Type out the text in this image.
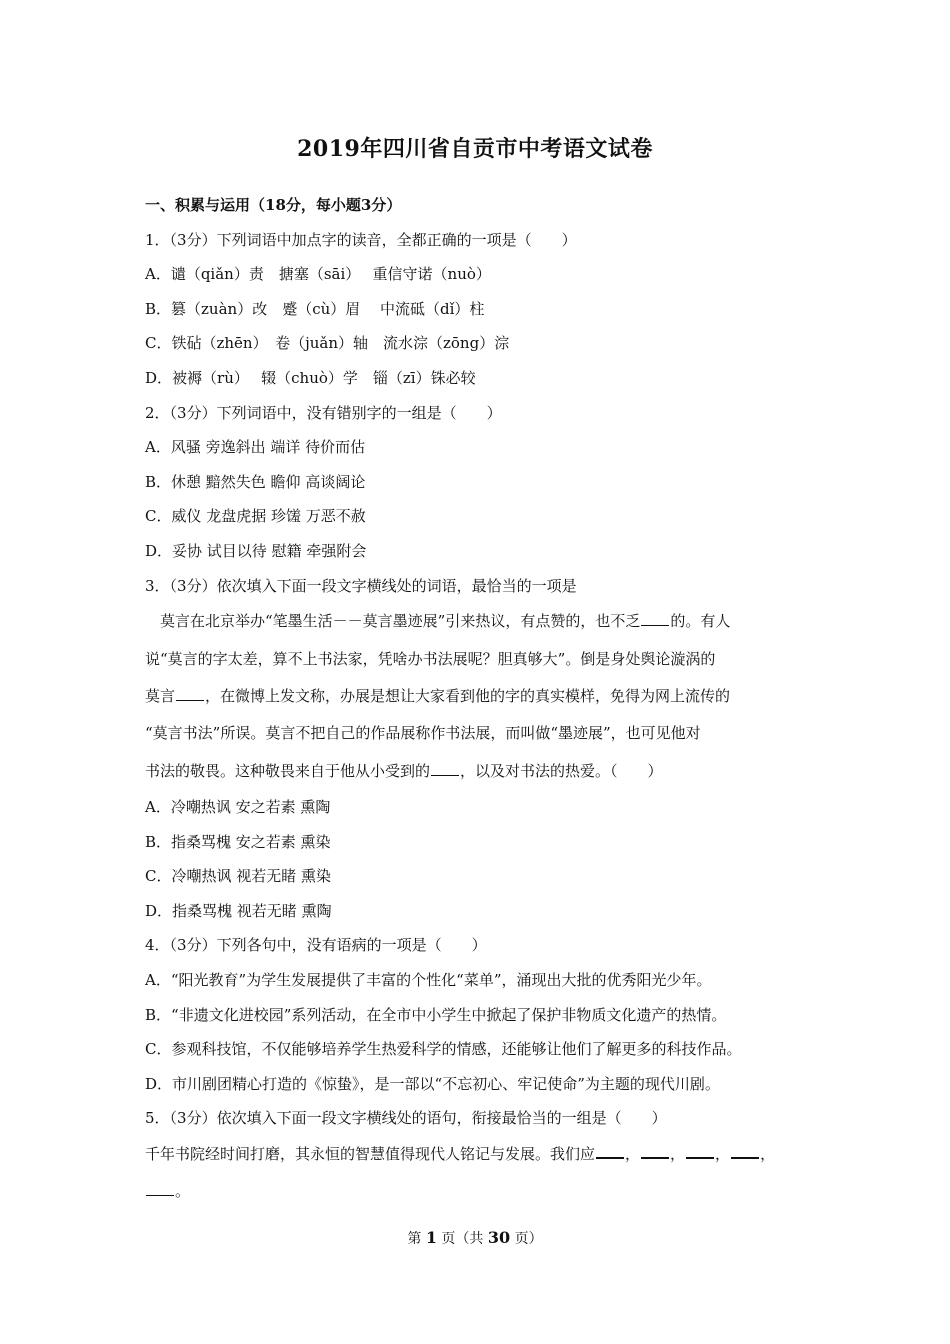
2019年四川省自贡市中考语文试卷
一、积累与运用（18分，每小题3分）
1．（3分）下列词语中加点字的读音，全都正确的一项是（　　）
A．谴（qiǎn）责　搪塞（sāi）　 重信守诺（nuò）
B．篡（zuàn）改　蹙（cù）眉　 中流砥（dǐ）柱
C．铁砧（zhēn）　卷（juǎn）轴　流水淙（zōng）淙
D．被褥（rù）　 辍（chuò）学　锱（zī）铢必较
2．（3分）下列词语中，没有错别字的一组是（　　）
A．风骚 旁逸斜出 端详 待价而估
B．休憩 黯然失色 瞻仰 高谈阔论
C．威仪 龙盘虎据 珍馐 万恶不赦
D．妥协 试目以待 慰籍 牵强附会
3．（3分）依次填入下面一段文字横线处的词语，最恰当的一项是
莫言在北京举办“笔墨生活－－莫言墨迹展”引来热议，有点赞的，也不乏 的。有人
说“莫言的字太差，算不上书法家，凭啥办书法展呢？胆真够大”。倒是身处舆论漩涡的
莫言 ，在微博上发文称，办展是想让大家看到他的字的真实模样，免得为网上流传的
“莫言书法”所误。莫言不把自己的作品展称作书法展，而叫做“墨迹展”，也可见他对
书法的敬畏。这种敬畏来自于他从小受到的 ，以及对书法的热爱。（　　）
A．冷嘲热讽 安之若素 熏陶
B．指桑骂槐 安之若素 熏染
C．冷嘲热讽 视若无睹 熏染
D．指桑骂槐 视若无睹 熏陶
4．（3分）下列各句中，没有语病的一项是（　　）
A．“阳光教育”为学生发展提供了丰富的个性化“菜单”，涌现出大批的优秀阳光少年。
B．“非遗文化进校园”系列活动，在全市中小学生中掀起了保护非物质文化遗产的热情。
C．参观科技馆，不仅能够培养学生热爱科学的情感，还能够让他们了解更多的科技作品。
D．市川剧团精心打造的《惊蛰》，是一部以“不忘初心、牢记使命”为主题的现代川剧。
5．（3分）依次填入下面一段文字横线处的语句，衔接最恰当的一组是（　　）
千年书院经时间打磨，其永恒的智慧值得现代人铭记与发展。我们应 ， ， ， ，
。
第 1 页（共 30 页）
